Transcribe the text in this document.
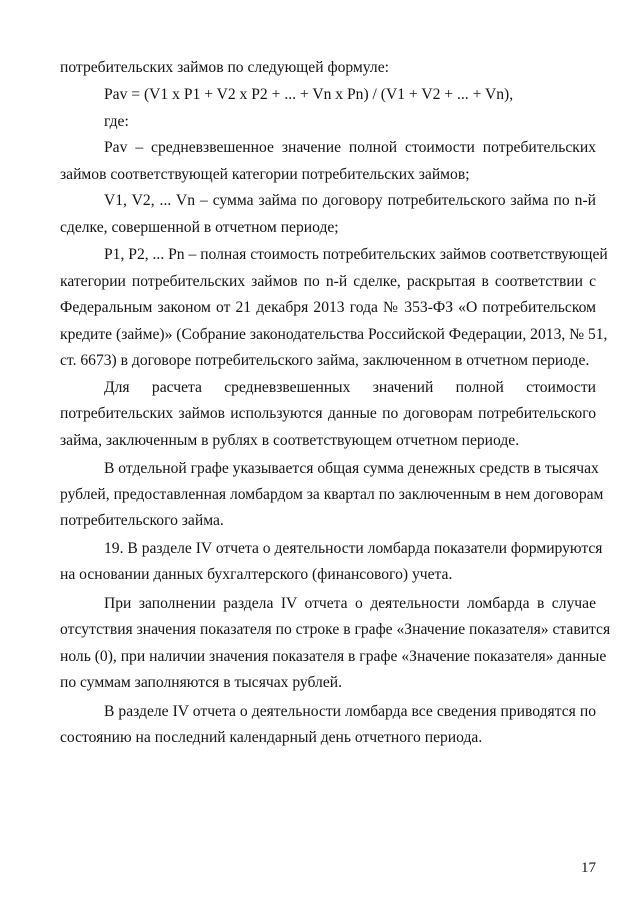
потребительских займов по следующей формуле:
Pav = (V1 x P1 + V2 x P2 + ... + Vn x Pn) / (V1 + V2 + ... + Vn),
где:
Pav – средневзвешенное значение полной стоимости потребительских
займов соответствующей категории потребительских займов;
V1, V2, ... Vn – сумма займа по договору потребительского займа по n-й
сделке, совершенной в отчетном периоде;
P1, P2, ... Pn – полная стоимость потребительских займов соответствующей
категории потребительских займов по n-й сделке, раскрытая в соответствии с
Федеральным законом от 21 декабря 2013 года № 353-ФЗ «О потребительском
кредите (займе)» (Собрание законодательства Российской Федерации, 2013, № 51,
ст. 6673) в договоре потребительского займа, заключенном в отчетном периоде.
Для расчета средневзвешенных значений полной стоимости
потребительских займов используются данные по договорам потребительского
займа, заключенным в рублях в соответствующем отчетном периоде.
В отдельной графе указывается общая сумма денежных средств в тысячах
рублей, предоставленная ломбардом за квартал по заключенным в нем договорам
потребительского займа.
19. В разделе IV отчета о деятельности ломбарда показатели формируются
на основании данных бухгалтерского (финансового) учета.
При заполнении раздела IV отчета о деятельности ломбарда в случае
отсутствия значения показателя по строке в графе «Значение показателя» ставится
ноль (0), при наличии значения показателя в графе «Значение показателя» данные
по суммам заполняются в тысячах рублей.
В разделе IV отчета о деятельности ломбарда все сведения приводятся по
состоянию на последний календарный день отчетного периода.
17
